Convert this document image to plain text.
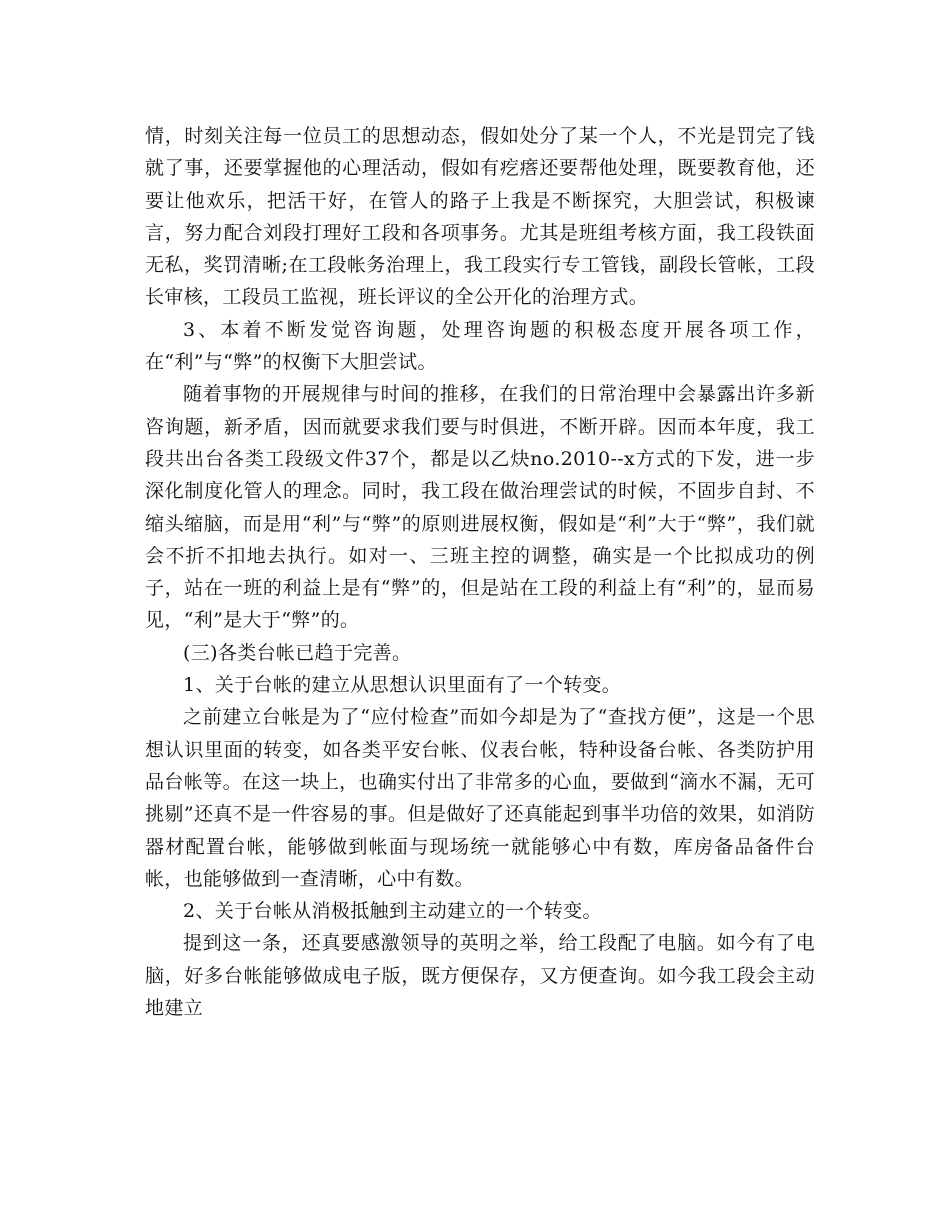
情，时刻关注每一位员工的思想动态，假如处分了某一个人，不光是罚完了钱就了事，还要掌握他的心理活动，假如有疙瘩还要帮他处理，既要教育他，还要让他欢乐，把活干好，在管人的路子上我是不断探究，大胆尝试，积极谏言，努力配合刘段打理好工段和各项事务。尤其是班组考核方面，我工段铁面无私，奖罚清晰;在工段帐务治理上，我工段实行专工管钱，副段长管帐，工段长审核，工段员工监视，班长评议的全公开化的治理方式。

3、本着不断发觉咨询题，处理咨询题的积极态度开展各项工作，在“利”与“弊”的权衡下大胆尝试。

随着事物的开展规律与时间的推移，在我们的日常治理中会暴露出许多新咨询题，新矛盾，因而就要求我们要与时俱进，不断开辟。因而本年度，我工段共出台各类工段级文件37个，都是以乙炔no.2010--x方式的下发，进一步深化制度化管人的理念。同时，我工段在做治理尝试的时候，不固步自封、不缩头缩脑，而是用“利”与“弊”的原则进展权衡，假如是“利”大于“弊”，我们就会不折不扣地去执行。如对一、三班主控的调整，确实是一个比拟成功的例子，站在一班的利益上是有“弊”的，但是站在工段的利益上有“利”的，显而易见，“利”是大于“弊”的。

(三)各类台帐已趋于完善。

1、关于台帐的建立从思想认识里面有了一个转变。

之前建立台帐是为了“应付检查”而如今却是为了“查找方便”，这是一个思想认识里面的转变，如各类平安台帐、仪表台帐，特种设备台帐、各类防护用品台帐等。在这一块上，也确实付出了非常多的心血，要做到“滴水不漏，无可挑剔”还真不是一件容易的事。但是做好了还真能起到事半功倍的效果，如消防器材配置台帐，能够做到帐面与现场统一就能够心中有数，库房备品备件台帐，也能够做到一查清晰，心中有数。

2、关于台帐从消极抵触到主动建立的一个转变。

提到这一条，还真要感激领导的英明之举，给工段配了电脑。如今有了电脑，好多台帐能够做成电子版，既方便保存，又方便查询。如今我工段会主动地建立
